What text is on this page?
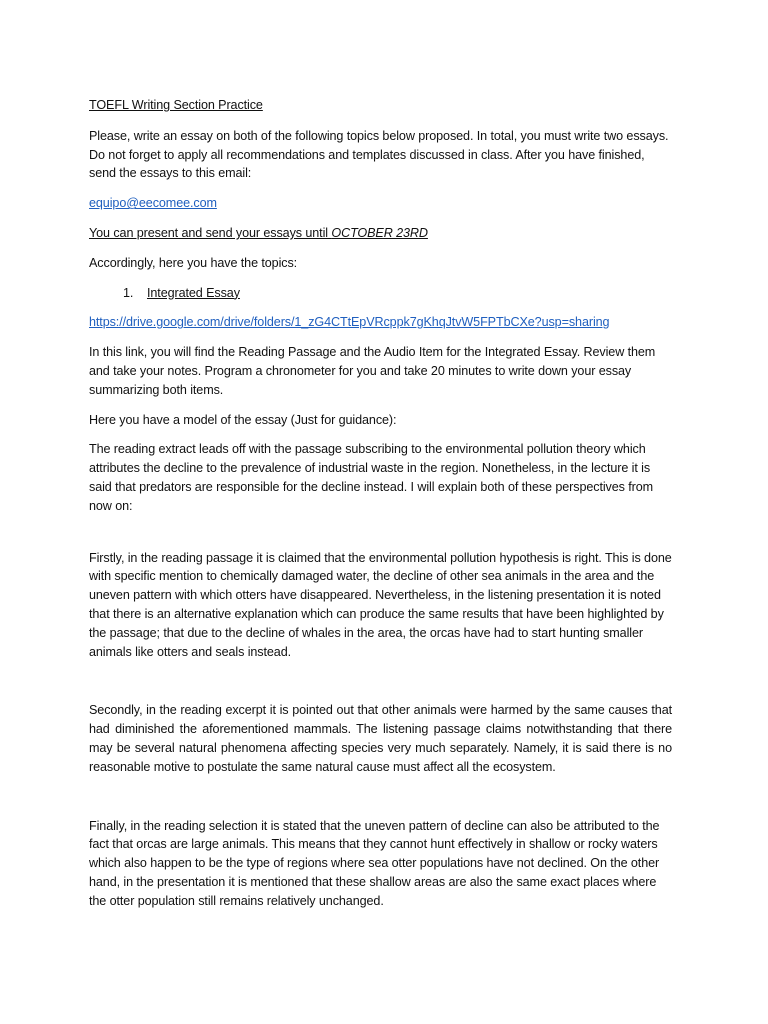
TOEFL Writing Section Practice

Please, write an essay on both of the following topics below proposed. In total, you must write two essays. Do not forget to apply all recommendations and templates discussed in class. After you have finished, send the essays to this email:

equipo@eecomee.com

You can present and send your essays until OCTOBER 23RD

Accordingly, here you have the topics:

1.	Integrated Essay

https://drive.google.com/drive/folders/1_zG4CTtEpVRcppk7gKhqJtvW5FPTbCXe?usp=sharing

In this link, you will find the Reading Passage and the Audio Item for the Integrated Essay. Review them and take your notes. Program a chronometer for you and take 20 minutes to write down your essay summarizing both items.

Here you have a model of the essay (Just for guidance):

The reading extract leads off with the passage subscribing to the environmental pollution theory which attributes the decline to the prevalence of industrial waste in the region. Nonetheless, in the lecture it is said that predators are responsible for the decline instead. I will explain both of these perspectives from now on:

Firstly, in the reading passage it is claimed that the environmental pollution hypothesis is right. This is done with specific mention to chemically damaged water, the decline of other sea animals in the area and the uneven pattern with which otters have disappeared. Nevertheless, in the listening presentation it is noted that there is an alternative explanation which can produce the same results that have been highlighted by the passage; that due to the decline of whales in the area, the orcas have had to start hunting smaller animals like otters and seals instead.

Secondly, in the reading excerpt it is pointed out that other animals were harmed by the same causes that had diminished the aforementioned mammals. The listening passage claims notwithstanding that there may be several natural phenomena affecting species very much separately. Namely, it is said there is no reasonable motive to postulate the same natural cause must affect all the ecosystem.

Finally, in the reading selection it is stated that the uneven pattern of decline can also be attributed to the fact that orcas are large animals. This means that they cannot hunt effectively in shallow or rocky waters which also happen to be the type of regions where sea otter populations have not declined. On the other hand, in the presentation it is mentioned that these shallow areas are also the same exact places where the otter population still remains relatively unchanged.
